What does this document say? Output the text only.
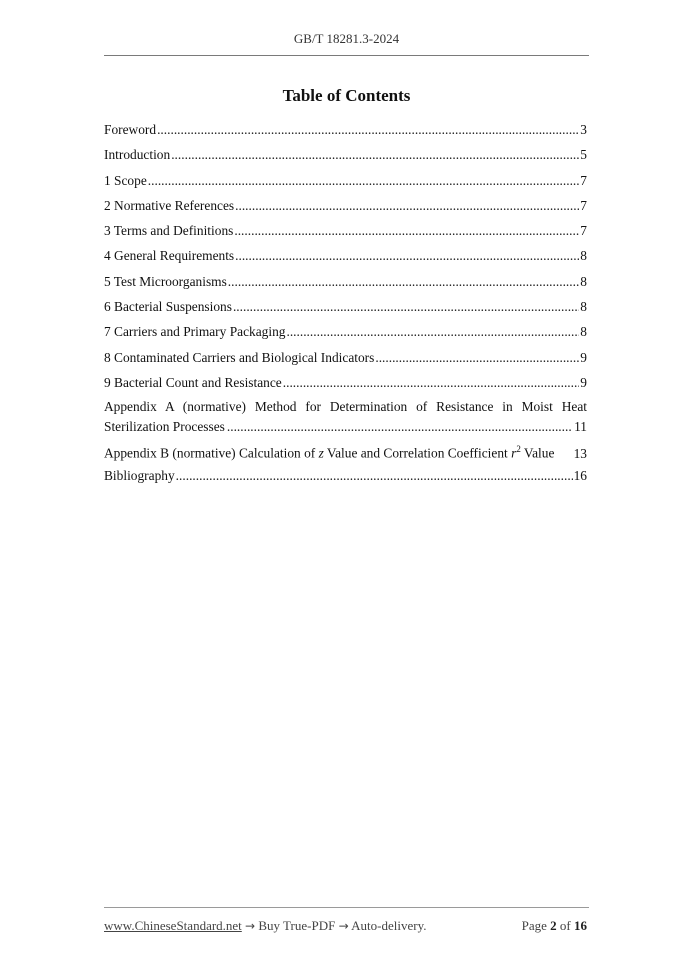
GB/T 18281.3-2024
Table of Contents
Foreword .....	3
Introduction .....	5
1 Scope .....	7
2 Normative References .....	7
3 Terms and Definitions .....	7
4 General Requirements .....	8
5 Test Microorganisms .....	8
6 Bacterial Suspensions .....	8
7 Carriers and Primary Packaging .....	8
8 Contaminated Carriers and Biological Indicators .....	9
9 Bacterial Count and Resistance .....	9
Appendix A (normative) Method for Determination of Resistance in Moist Heat
Sterilization Processes .....	11
Appendix B (normative) Calculation of z Value and Correlation Coefficient $r^2$ Value	13
Bibliography .....	16
www.ChineseStandard.net → Buy True-PDF → Auto-delivery.	Page 2 of 16
